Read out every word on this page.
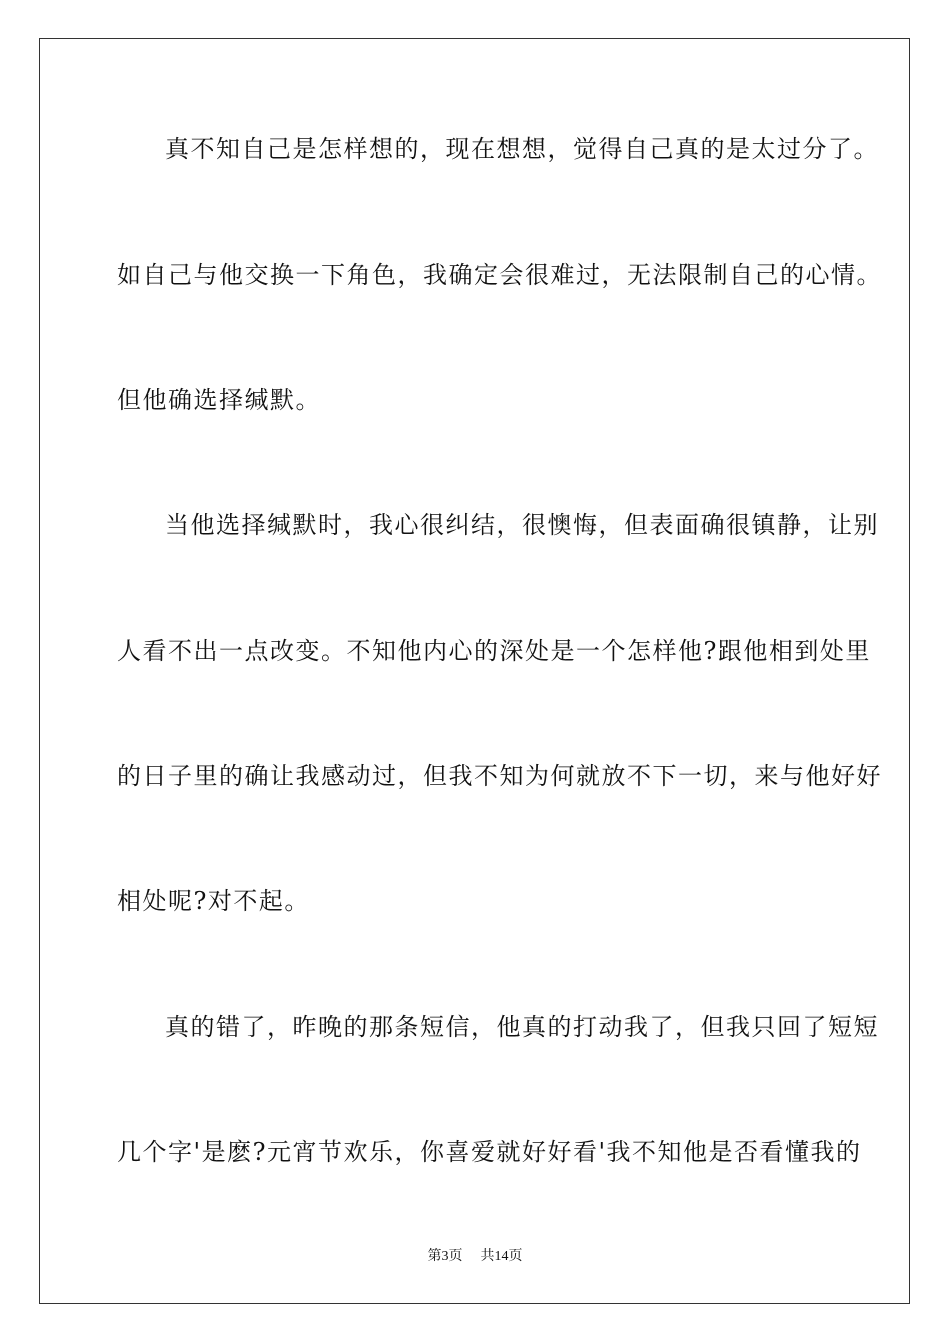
真不知自己是怎样想的，现在想想，觉得自己真的是太过分了。
如自己与他交换一下角色，我确定会很难过，无法限制自己的心情。
但他确选择缄默。
当他选择缄默时，我心很纠结，很懊悔，但表面确很镇静，让别
人看不出一点改变。不知他内心的深处是一个怎样他?跟他相到处里
的日子里的确让我感动过，但我不知为何就放不下一切，来与他好好
相处呢?对不起。
真的错了，昨晚的那条短信，他真的打动我了，但我只回了短短
几个字'是麽?元宵节欢乐，你喜爱就好好看'我不知他是否看懂我的
第3页 共14页
